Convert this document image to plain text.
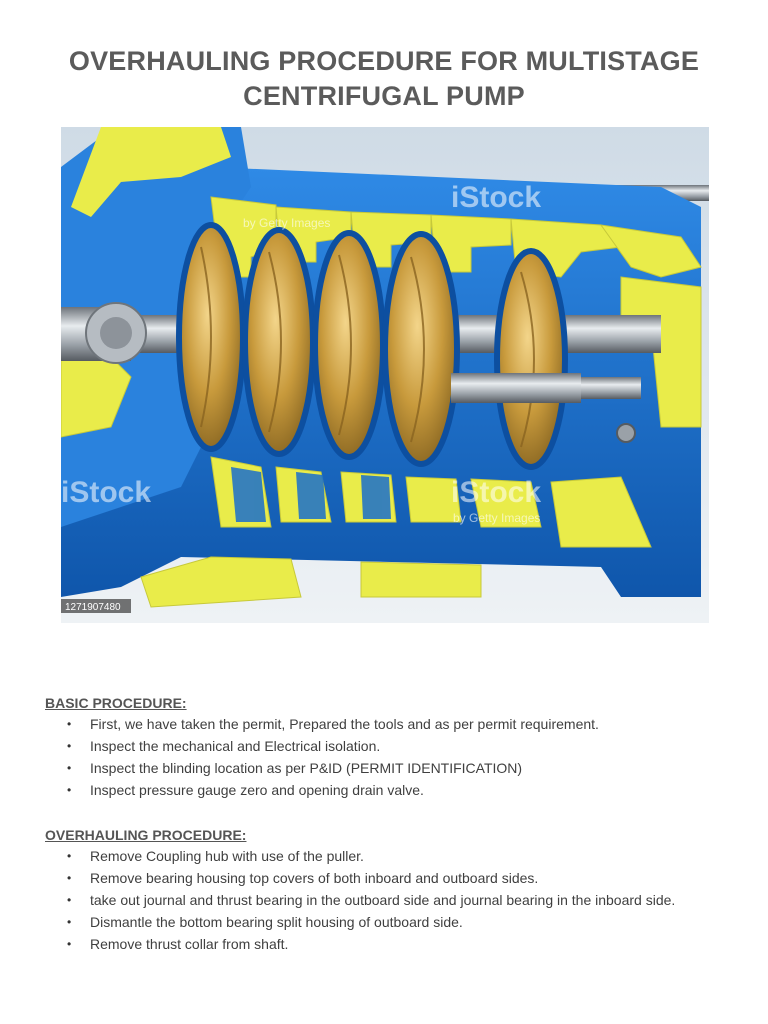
OVERHAULING PROCEDURE FOR MULTISTAGE
CENTRIFUGAL PUMP
iStock
iStock
iStock
by Getty Images
by Getty Images
1271907480
BASIC PROCEDURE:
• First, we have taken the permit, Prepared the tools and as per permit requirement.
• Inspect the mechanical and Electrical isolation.
• Inspect the blinding location as per P&ID (PERMIT IDENTIFICATION)
• Inspect pressure gauge zero and opening drain valve.
OVERHAULING PROCEDURE:
• Remove Coupling hub with use of the puller.
• Remove bearing housing top covers of both inboard and outboard sides.
• take out journal and thrust bearing in the outboard side and journal bearing in the inboard side.
• Dismantle the bottom bearing split housing of outboard side.
• Remove thrust collar from shaft.
